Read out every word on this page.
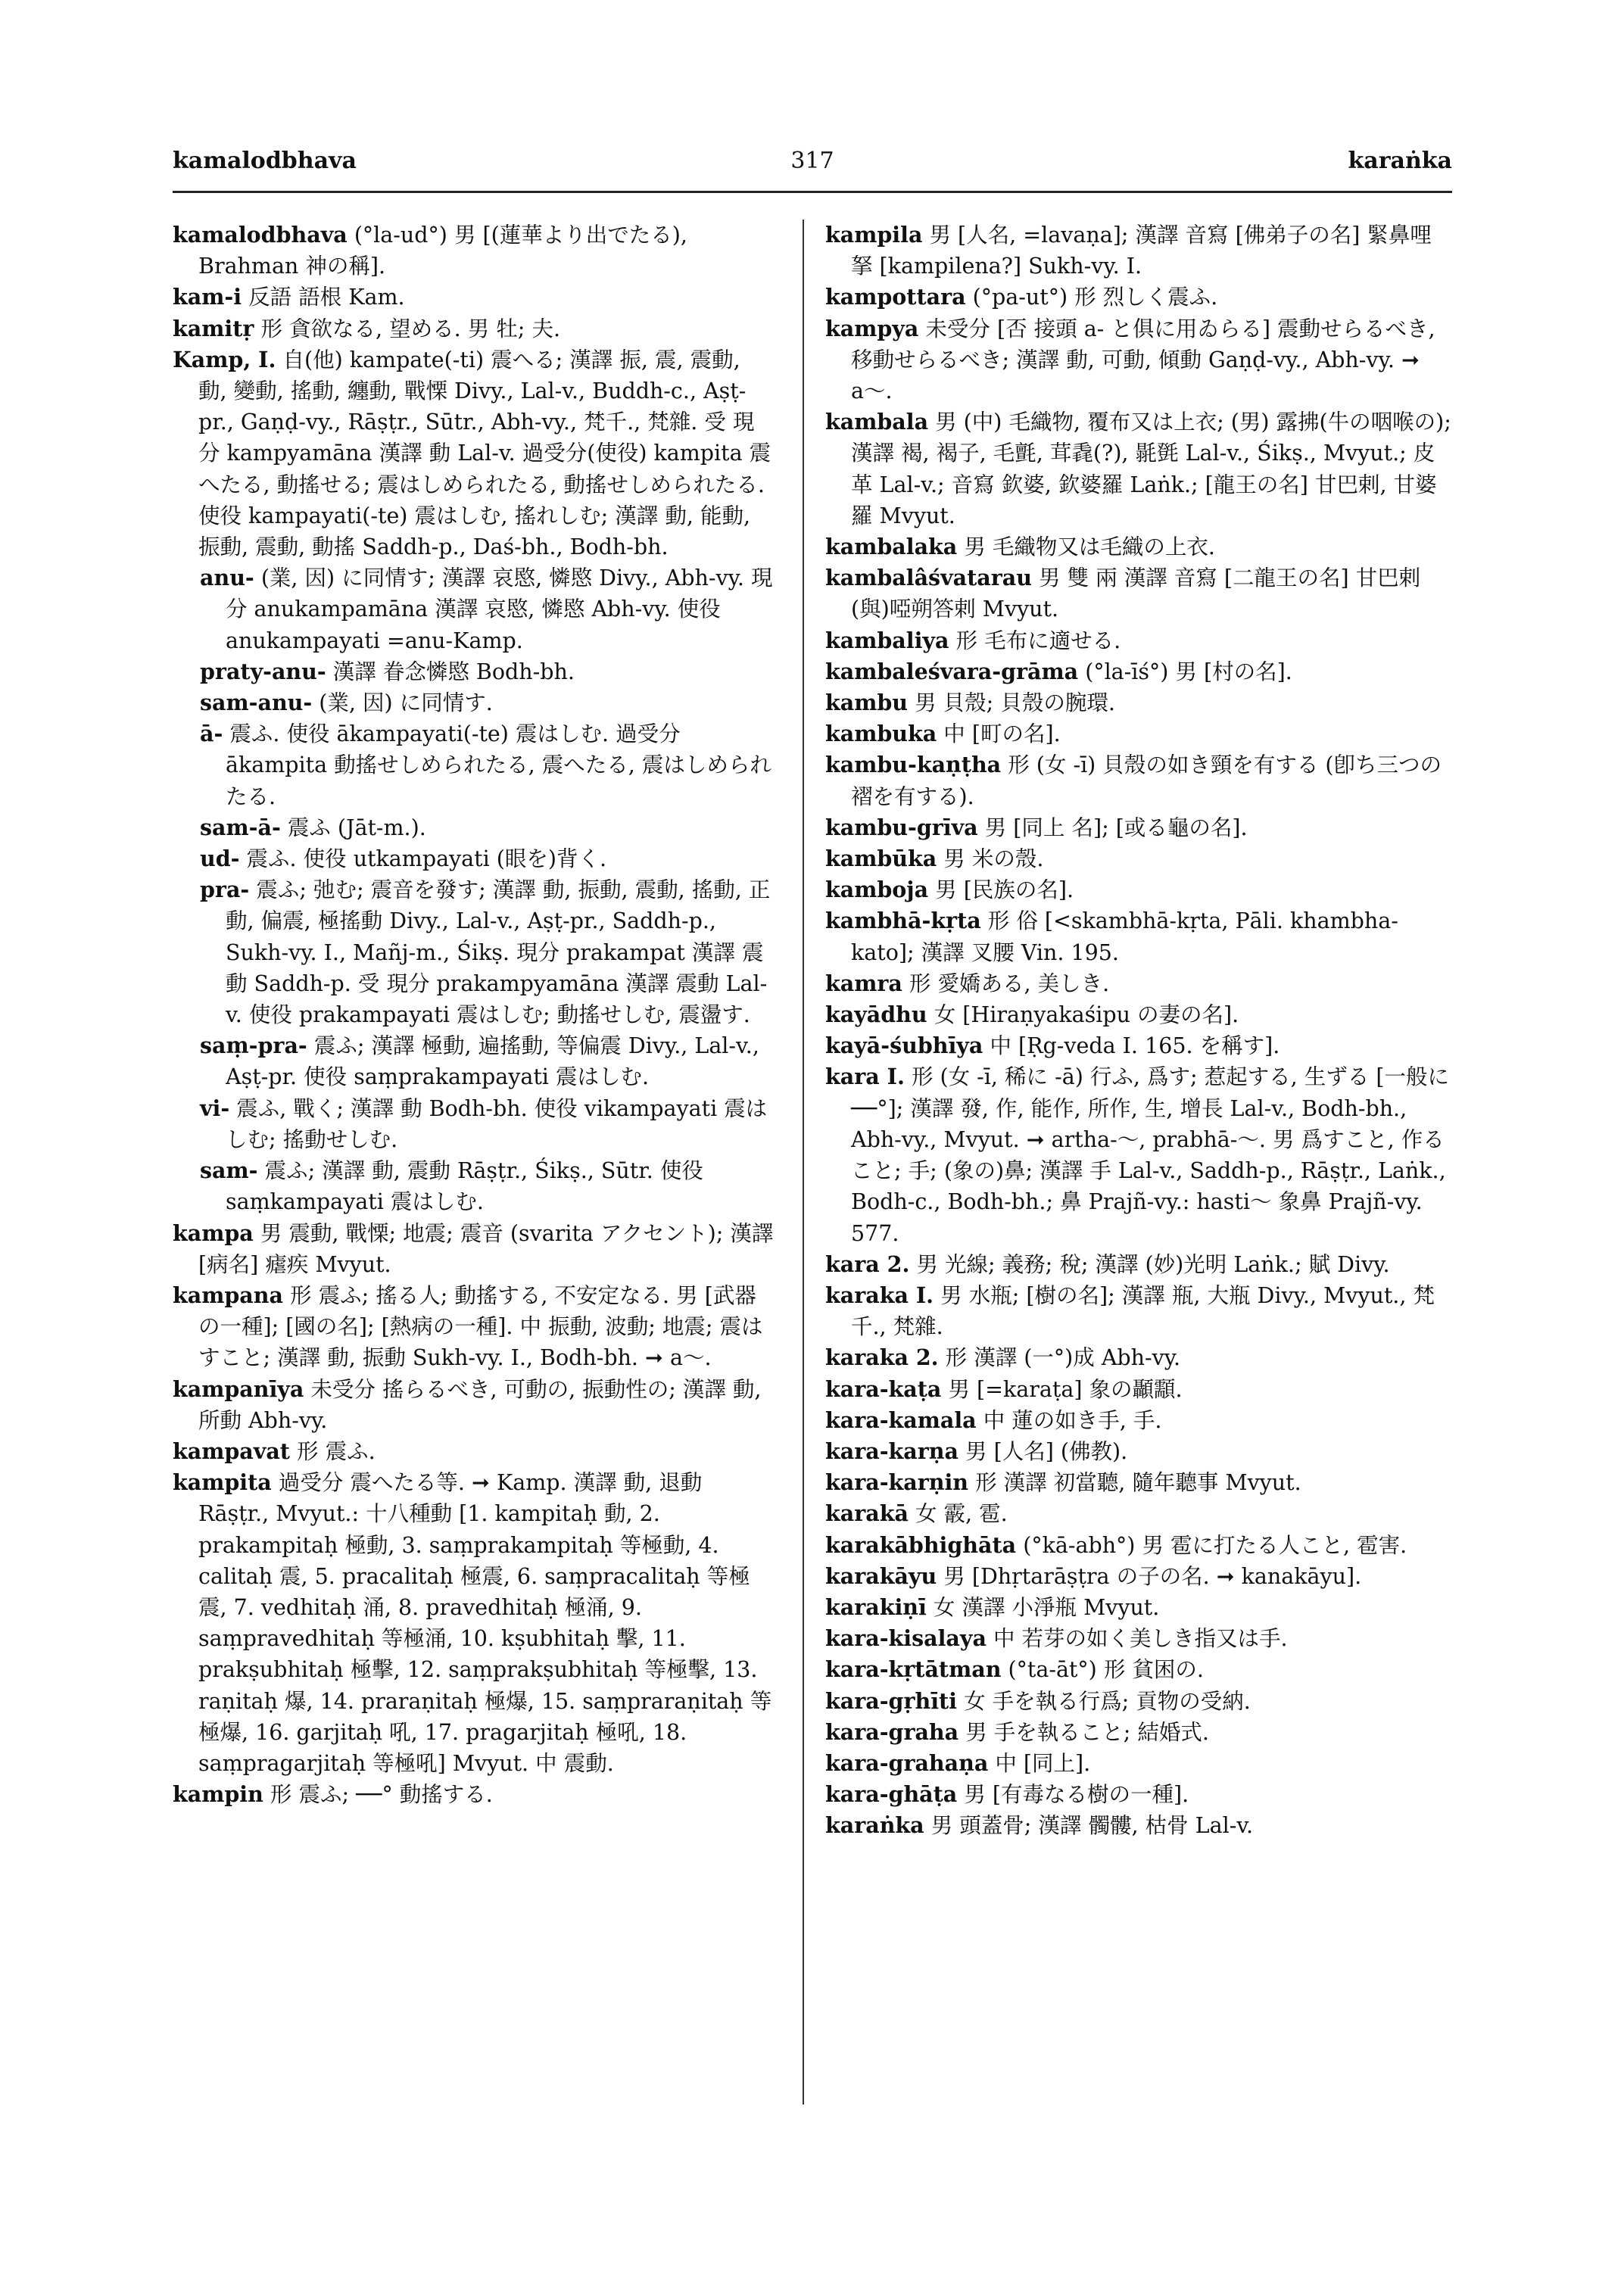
kamalodbhava	317	karaṅka

kamalodbhava (°la-ud°) 男 [(蓮華より出でたる), Brahman 神の稱].

kam-i 反語 語根 Kam.

kamitṛ 形 貪欲なる, 望める. 男 牡; 夫.

Kamp, I. 自(他) kampate(-ti) 震へる; 漢譯 振, 震, 震動, 動, 變動, 搖動, 纏動, 戰慄 Divy., Lal-v., Buddh-c., Aṣṭ-pr., Gaṇḍ-vy., Rāṣṭr., Sūtr., Abh-vy., 梵千., 梵雜. 受 現分 kampyamāna 漢譯 動 Lal-v. 過受分(使役) kampita 震へたる, 動搖せる; 震はしめられたる, 動搖せしめられたる. 使役 kampayati(-te) 震はしむ, 搖れしむ; 漢譯 動, 能動, 振動, 震動, 動搖 Saddh-p., Daś-bh., Bodh-bh.

anu- (業, 因) に同情す; 漢譯 哀愍, 憐愍 Divy., Abh-vy. 現分 anukampamāna 漢譯 哀愍, 憐愍 Abh-vy. 使役 anukampayati =anu-Kamp.

praty-anu- 漢譯 眷念憐愍 Bodh-bh.

sam-anu- (業, 因) に同情す.

ā- 震ふ. 使役 ākampayati(-te) 震はしむ. 過受分 ākampita 動搖せしめられたる, 震へたる, 震はしめられたる.

sam-ā- 震ふ (Jāt-m.).

ud- 震ふ. 使役 utkampayati (眼を)背く.

pra- 震ふ; 弛む; 震音を發す; 漢譯 動, 振動, 震動, 搖動, 正動, 偏震, 極搖動 Divy., Lal-v., Aṣṭ-pr., Saddh-p., Sukh-vy. I., Mañj-m., Śikṣ. 現分 prakampat 漢譯 震動 Saddh-p. 受 現分 prakampyamāna 漢譯 震動 Lal-v. 使役 prakampayati 震はしむ; 動搖せしむ, 震盪す.

saṃ-pra- 震ふ; 漢譯 極動, 遍搖動, 等偏震 Divy., Lal-v., Aṣṭ-pr. 使役 saṃprakampayati 震はしむ.

vi- 震ふ, 戰く; 漢譯 動 Bodh-bh. 使役 vikampayati 震はしむ; 搖動せしむ.

sam- 震ふ; 漢譯 動, 震動 Rāṣṭr., Śikṣ., Sūtr. 使役 saṃkampayati 震はしむ.

kampa 男 震動, 戰慄; 地震; 震音 (svarita アクセント); 漢譯 [病名] 瘧疾 Mvyut.

kampana 形 震ふ; 搖る人; 動搖する, 不安定なる. 男 [武器の一種]; [國の名]; [熱病の一種]. 中 振動, 波動; 地震; 震はすこと; 漢譯 動, 振動 Sukh-vy. I., Bodh-bh. ➞ a〜.

kampanīya 未受分 搖らるべき, 可動の, 振動性の; 漢譯 動, 所動 Abh-vy.

kampavat 形 震ふ.

kampita 過受分 震へたる等. ➞ Kamp. 漢譯 動, 退動 Rāṣṭr., Mvyut.: 十八種動 [1. kampitaḥ 動, 2. prakampitaḥ 極動, 3. saṃprakampitaḥ 等極動, 4. calitaḥ 震, 5. pracalitaḥ 極震, 6. saṃpracalitaḥ 等極震, 7. vedhitaḥ 涌, 8. pravedhitaḥ 極涌, 9. saṃpravedhitaḥ 等極涌, 10. kṣubhitaḥ 擊, 11. prakṣubhitaḥ 極擊, 12. saṃprakṣubhitaḥ 等極擊, 13. raṇitaḥ 爆, 14. praraṇitaḥ 極爆, 15. saṃpraraṇitaḥ 等極爆, 16. garjitaḥ 吼, 17. pragarjitaḥ 極吼, 18. saṃpragarjitaḥ 等極吼] Mvyut. 中 震動.

kampin 形 震ふ; ──° 動搖する.

kampila 男 [人名, =lavaṇa]; 漢譯 音寫 [佛弟子の名] 緊鼻哩拏 [kampilena?] Sukh-vy. I.

kampottara (°pa-ut°) 形 烈しく震ふ.

kampya 未受分 [否 接頭 a- と俱に用ゐらる] 震動せらるべき, 移動せらるべき; 漢譯 動, 可動, 傾動 Gaṇḍ-vy., Abh-vy. ➞ a〜.

kambala 男 (中) 毛織物, 覆布又は上衣; (男) 露拂(牛の咽喉の); 漢譯 褐, 褐子, 毛氈, 茸毳(?), 毾㲪 Lal-v., Śikṣ., Mvyut.; 皮革 Lal-v.; 音寫 欽婆, 欽婆羅 Laṅk.; [龍王の名] 甘巴剌, 甘婆羅 Mvyut.

kambalaka 男 毛織物又は毛織の上衣.

kambalâśvatarau 男 雙 兩 漢譯 音寫 [二龍王の名] 甘巴剌(與)啞朔答剌 Mvyut.

kambaliya 形 毛布に適せる.

kambaleśvara-grāma (°la-īś°) 男 [村の名].

kambu 男 貝殼; 貝殼の腕環.

kambuka 中 [町の名].

kambu-kaṇṭha 形 (女 -ī) 貝殼の如き頸を有する (卽ち三つの褶を有する).

kambu-grīva 男 [同上 名]; [或る龜の名].

kambūka 男 米の殼.

kamboja 男 [民族の名].

kambhā-kṛta 形 俗 [<skambhā-kṛta, Pāli. khambha-kato]; 漢譯 叉腰 Vin. 195.

kamra 形 愛嬌ある, 美しき.

kayādhu 女 [Hiraṇyakaśipu の妻の名].

kayā-śubhīya 中 [Ṛg-veda I. 165. を稱す].

kara I. 形 (女 -ī, 稀に -ā) 行ふ, 爲す; 惹起する, 生ずる [一般に ──°]; 漢譯 發, 作, 能作, 所作, 生, 增長 Lal-v., Bodh-bh., Abh-vy., Mvyut. ➞ artha-〜, prabhā-〜. 男 爲すこと, 作ること; 手; (象の)鼻; 漢譯 手 Lal-v., Saddh-p., Rāṣṭr., Laṅk., Bodh-c., Bodh-bh.; 鼻 Prajñ-vy.: hasti〜 象鼻 Prajñ-vy. 577.

kara 2. 男 光線; 義務; 稅; 漢譯 (妙)光明 Laṅk.; 賦 Divy.

karaka I. 男 水瓶; [樹の名]; 漢譯 瓶, 大瓶 Divy., Mvyut., 梵千., 梵雜.

karaka 2. 形 漢譯 (一°)成 Abh-vy.

kara-kaṭa 男 [=karaṭa] 象の顳顬.

kara-kamala 中 蓮の如き手, 手.

kara-karṇa 男 [人名] (佛教).

kara-karṇin 形 漢譯 初當聽, 隨年聽事 Mvyut.

karakā 女 霰, 雹.

karakābhighāta (°kā-abh°) 男 雹に打たる人こと, 雹害.

karakāyu 男 [Dhṛtarāṣṭra の子の名. ➞ kanakāyu].

karakiṇī 女 漢譯 小淨瓶 Mvyut.

kara-kisalaya 中 若芽の如く美しき指又は手.

kara-kṛtātman (°ta-āt°) 形 貧困の.

kara-gṛhīti 女 手を執る行爲; 貢物の受納.

kara-graha 男 手を執ること; 結婚式.

kara-grahaṇa 中 [同上].

kara-ghāṭa 男 [有毒なる樹の一種].

karaṅka 男 頭蓋骨; 漢譯 髑髏, 枯骨 Lal-v.
